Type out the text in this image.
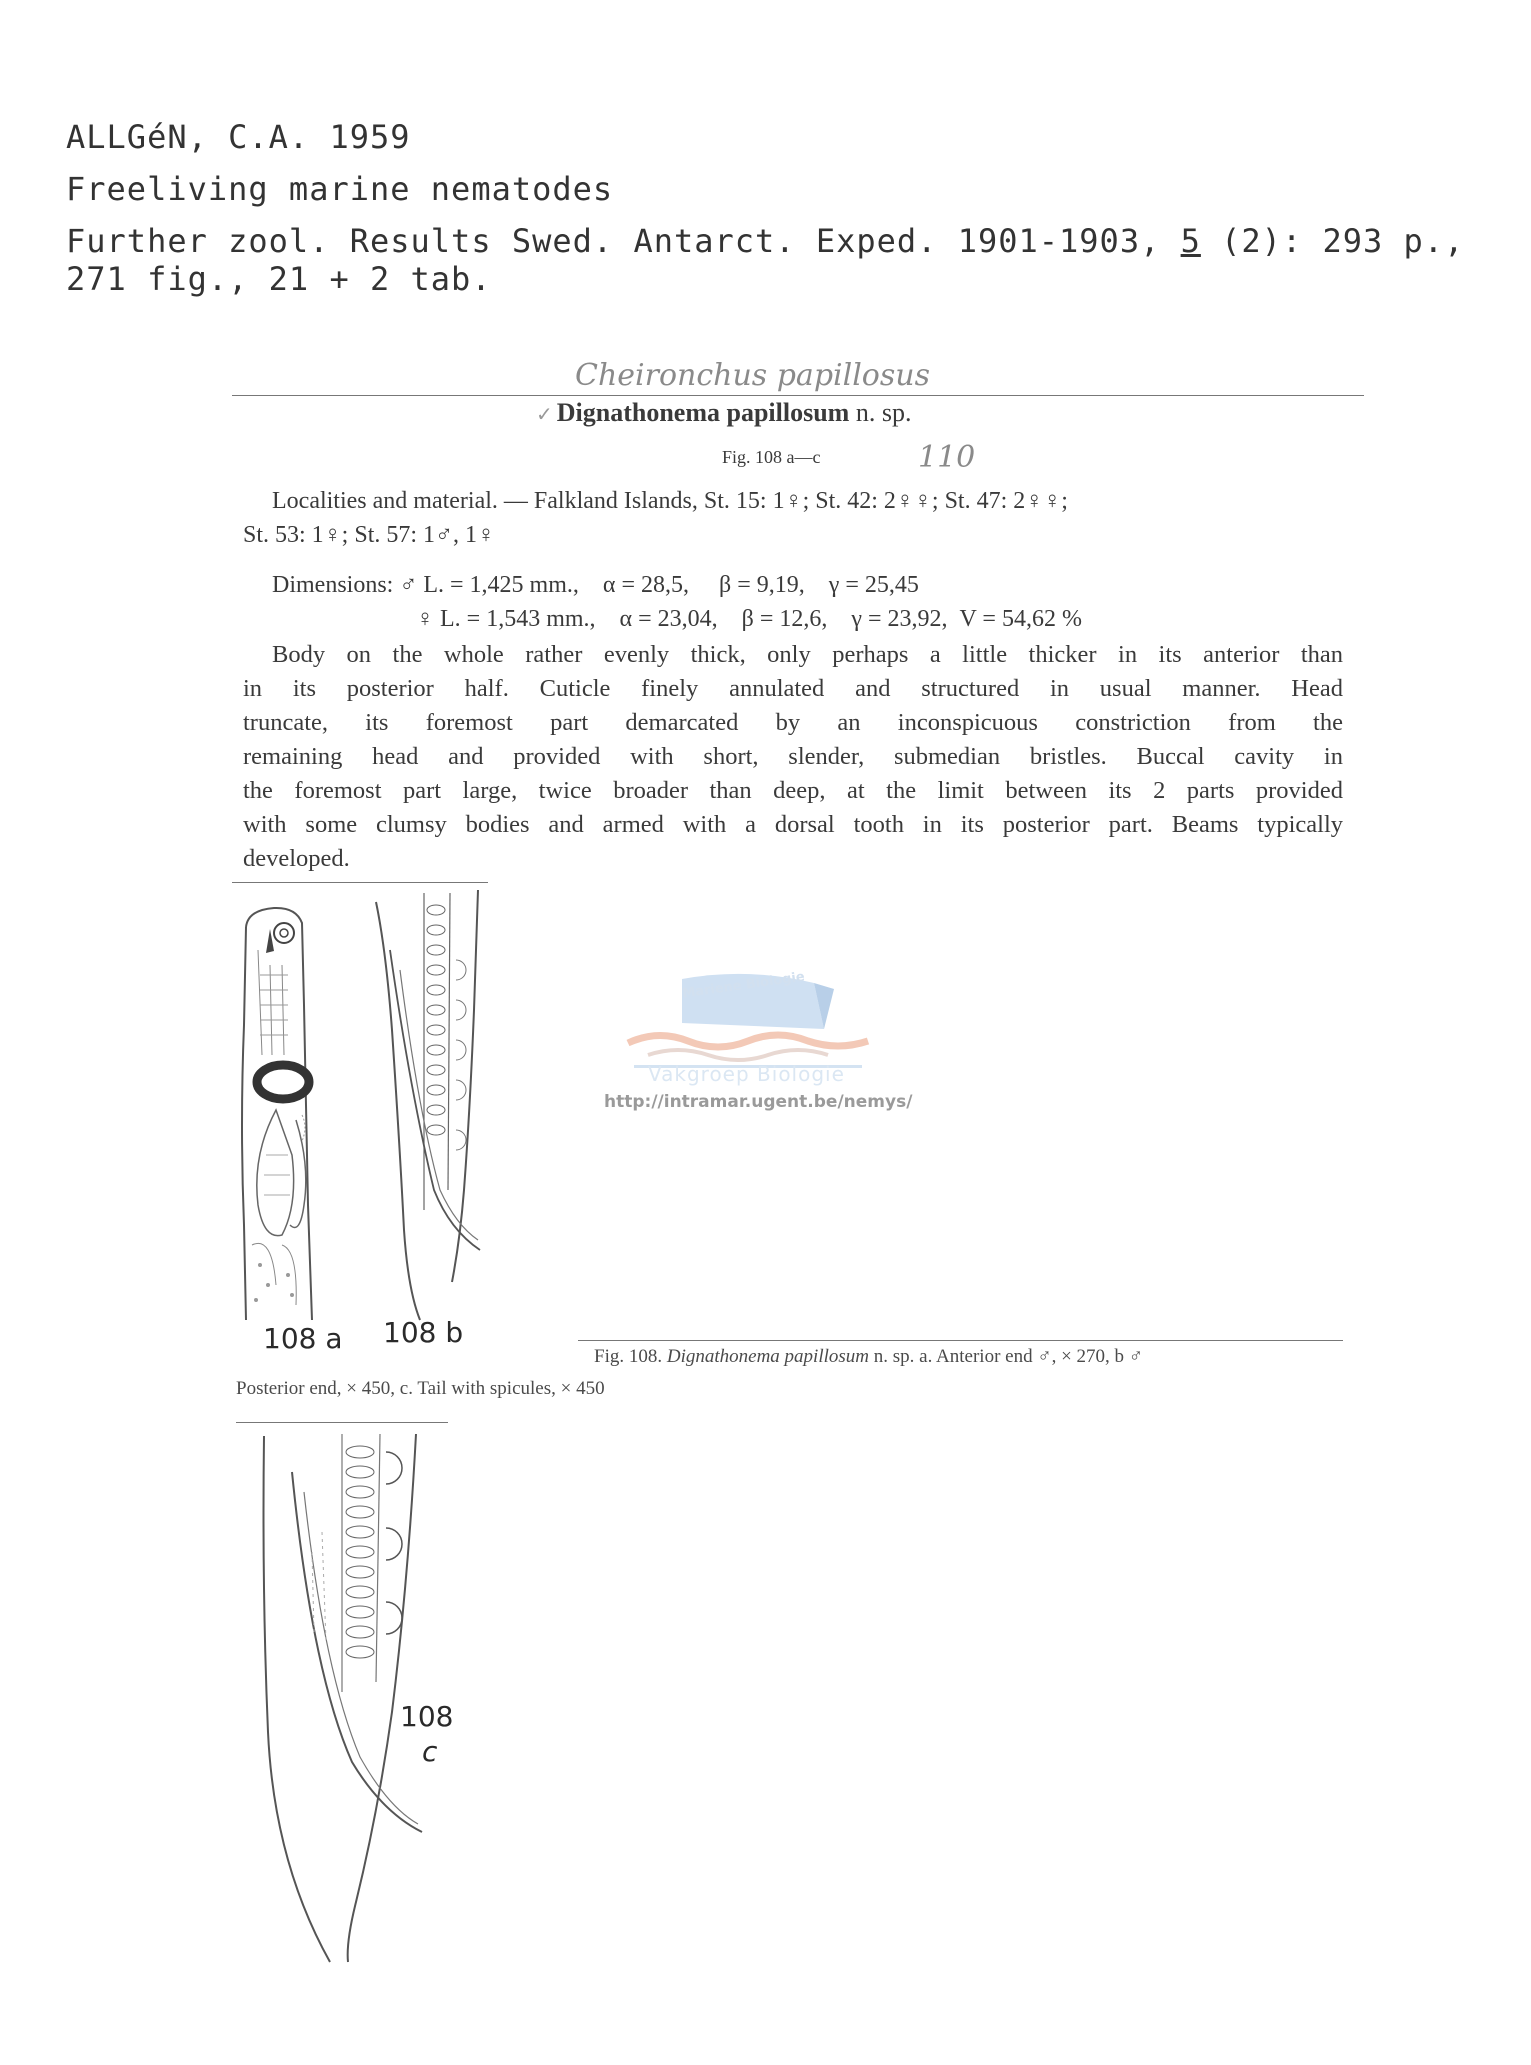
ALLGéN, C.A. 1959
Freeliving marine nematodes
Further zool. Results Swed. Antarct. Exped. 1901-1903, 5 (2): 293 p.,
271 fig., 21 + 2 tab.
Cheironchus papillosus
110
✓ Dignathonema papillosum n. sp.
Fig. 108 a—c
Localities and material. — Falkland Islands, St. 15: 1♀; St. 42: 2♀♀; St. 47: 2♀♀;
St. 53: 1♀; St. 57: 1♂, 1♀
Dimensions: ♂ L. = 1,425 mm.,    α = 28,5,     β = 9,19,    γ = 25,45
♀ L. = 1,543 mm.,    α = 23,04,    β = 12,6,    γ = 23,92,  V = 54,62 %
Body on the whole rather evenly thick, only perhaps a little thicker in its anterior than
in its posterior half. Cuticle finely annulated and structured in usual manner. Head
truncate, its foremost part demarcated by an inconspicuous constriction from the
remaining head and provided with short, slender, submedian bristles. Buccal cavity in
the foremost part large, twice broader than deep, at the limit between its 2 parts provided
with some clumsy bodies and armed with a dorsal tooth in its posterior part. Beams typically
developed.
108 a 108 b
Fig. 108. Dignathonema papillosum n. sp. a. Anterior end ♂, × 270, b ♂
Posterior end, × 450, c. Tail with spicules, × 450
108
c
Mariene Biologie
Vakgroep Biologie
http://intramar.ugent.be/nemys/
